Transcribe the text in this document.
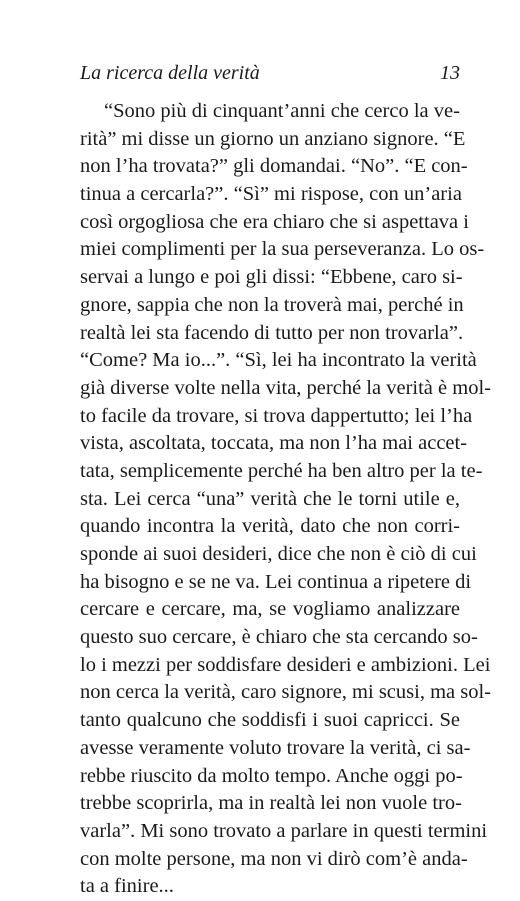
La ricerca della verità	13
“Sono più di cinquant’anni che cerco la ve-
rità” mi disse un giorno un anziano signore. “E
non l’ha trovata?” gli domandai. “No”. “E con-
tinua a cercarla?”. “Sì” mi rispose, con un’aria
così orgogliosa che era chiaro che si aspettava i
miei complimenti per la sua perseveranza. Lo os-
servai a lungo e poi gli dissi: “Ebbene, caro si-
gnore, sappia che non la troverà mai, perché in
realtà lei sta facendo di tutto per non trovarla”.
“Come? Ma io...”. “Sì, lei ha incontrato la verità
già diverse volte nella vita, perché la verità è mol-
to facile da trovare, si trova dappertutto; lei l’ha
vista, ascoltata, toccata, ma non l’ha mai accet-
tata, semplicemente perché ha ben altro per la te-
sta. Lei cerca “una” verità che le torni utile e,
quando incontra la verità, dato che non corri-
sponde ai suoi desideri, dice che non è ciò di cui
ha bisogno e se ne va. Lei continua a ripetere di
cercare e cercare, ma, se vogliamo analizzare
questo suo cercare, è chiaro che sta cercando so-
lo i mezzi per soddisfare desideri e ambizioni. Lei
non cerca la verità, caro signore, mi scusi, ma sol-
tanto qualcuno che soddisfi i suoi capricci. Se
avesse veramente voluto trovare la verità, ci sa-
rebbe riuscito da molto tempo. Anche oggi po-
trebbe scoprirla, ma in realtà lei non vuole tro-
varla”. Mi sono trovato a parlare in questi termini
con molte persone, ma non vi dirò com’è anda-
ta a finire...
